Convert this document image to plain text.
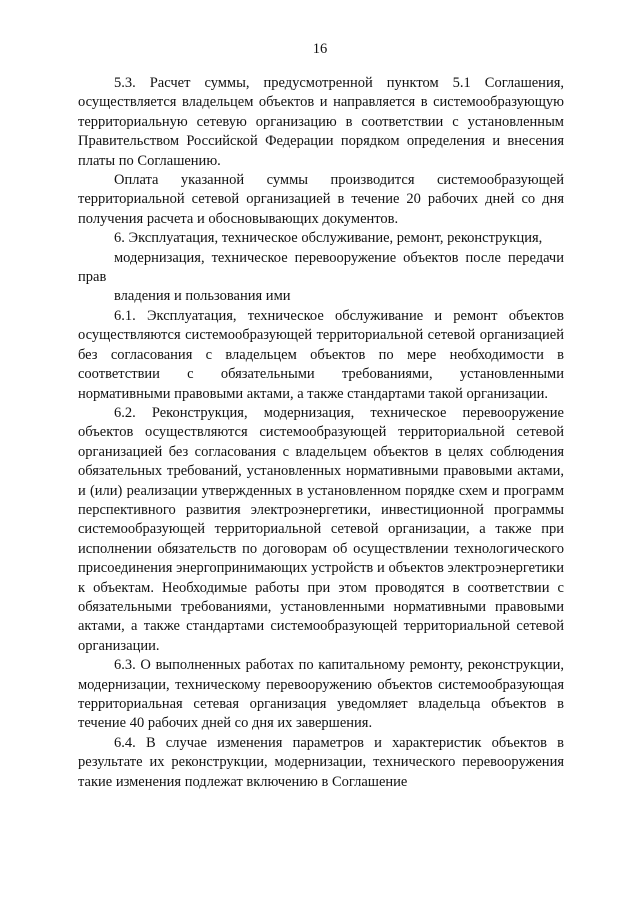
16

5.3. Расчет суммы, предусмотренной пунктом 5.1 Соглашения, осуществляется владельцем объектов и направляется в системообразующую территориальную сетевую организацию в соответствии с установленным Правительством Российской Федерации порядком определения и внесения платы по Соглашению.

Оплата указанной суммы производится системообразующей территориальной сетевой организацией в течение 20 рабочих дней со дня получения расчета и обосновывающих документов.

6. Эксплуатация, техническое обслуживание, ремонт, реконструкция,
модернизация, техническое перевооружение объектов после передачи прав
владения и пользования ими

6.1. Эксплуатация, техническое обслуживание и ремонт объектов осуществляются системообразующей территориальной сетевой организацией без согласования с владельцем объектов по мере необходимости в соответствии с обязательными требованиями, установленными нормативными правовыми актами, а также стандартами такой организации.

6.2. Реконструкция, модернизация, техническое перевооружение объектов осуществляются системообразующей территориальной сетевой организацией без согласования с владельцем объектов в целях соблюдения обязательных требований, установленных нормативными правовыми актами, и (или) реализации утвержденных в установленном порядке схем и программ перспективного развития электроэнергетики, инвестиционной программы системообразующей территориальной сетевой организации, а также при исполнении обязательств по договорам об осуществлении технологического присоединения энергопринимающих устройств и объектов электроэнергетики к объектам. Необходимые работы при этом проводятся в соответствии с обязательными требованиями, установленными нормативными правовыми актами, а также стандартами системообразующей территориальной сетевой организации.

6.3. О выполненных работах по капитальному ремонту, реконструкции, модернизации, техническому перевооружению объектов системообразующая территориальная сетевая организация уведомляет владельца объектов в течение 40 рабочих дней со дня их завершения.

6.4. В случае изменения параметров и характеристик объектов в результате их реконструкции, модернизации, технического перевооружения такие изменения подлежат включению в Соглашение
